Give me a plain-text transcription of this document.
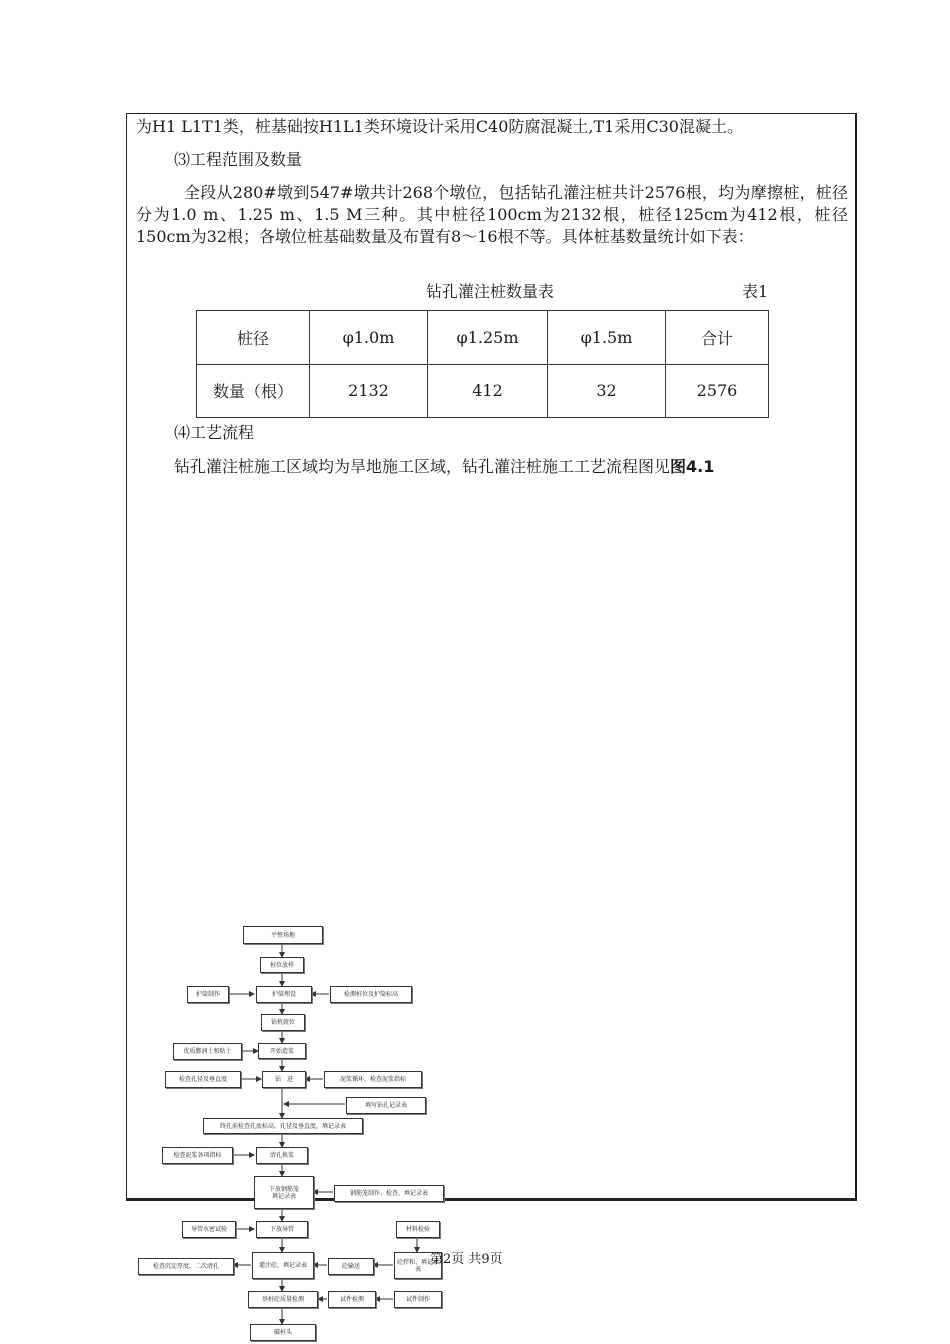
为H1 L1T1类，桩基础按H1L1类环境设计采用C40防腐混凝土,T1采用C30混凝土。
⑶工程范围及数量
全段从280#墩到547#墩共计268个墩位，包括钻孔灌注桩共计2576根，均为摩擦桩，桩径分为1.0 m、1.25 m、1.5 M三种。其中桩径100cm为2132根，桩径125cm为412根，桩径150cm为32根；各墩位桩基础数量及布置有8～16根不等。具体桩基数量统计如下表：
钻孔灌注桩数量表	表1
桩径	φ1.0m	φ1.25m	φ1.5m	合计
数量（根）	2132	412	32	2576
⑷工艺流程
钻孔灌注桩施工区域均为旱地施工区域，钻孔灌注桩施工工艺流程图见图4.1
平整场地
桩位放样
护筒埋设
钻机就位
开始造浆
钻　进
终孔前检查孔底标高、孔径及垂直度，填记录表
清孔换浆
下放钢筋笼
填记录表
下放导管
灌注砼，填记录表
基桩砼质量检测
破桩头
护筒制作
优质膨润土和粘土
检查孔径及垂直度
检查泥浆各项指标
导管水密试验
检查沉淀厚度，二次清孔
检测桩位及护筒标高
泥浆循环、检查泥浆指标
填写钻孔记录表
钢筋笼制作、检查、填记录表
材料检验
砼拌和、填记录表
砼输送
试件制作
试件检测
第2页 共9页
